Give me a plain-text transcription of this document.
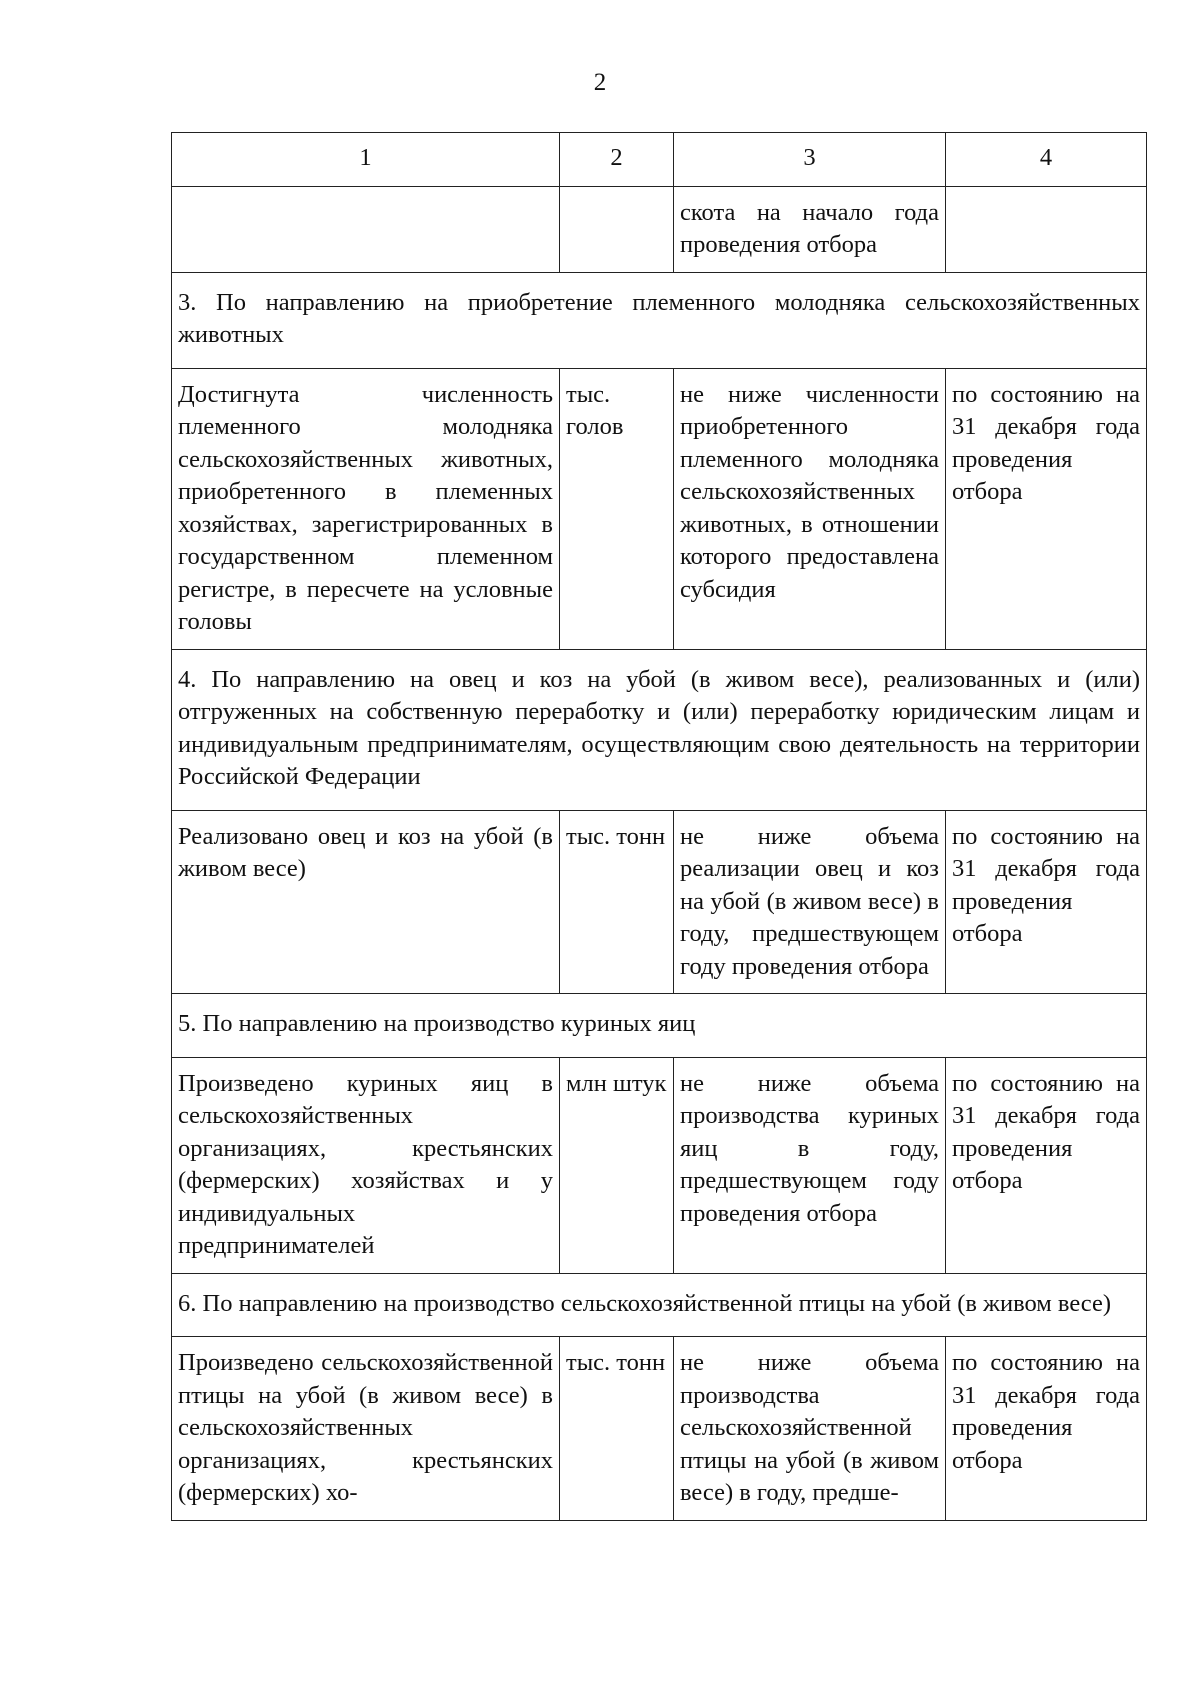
2
1	2	3	4
		скота на начало года проведения отбора	
3. По направлению на приобретение племенного молодняка сельскохозяйственных животных			
Достигнута численность племенного молодняка сельскохозяйственных животных, приобретенного в племенных хозяйствах, зарегистрированных в государственном племенном регистре, в пересчете на условные головы	тыс. голов	не ниже численности приобретенного племенного молодняка сельскохозяйственных животных, в отношении которого предоставлена субсидия	по состоянию на 31 декабря года проведения отбора
4. По направлению на овец и коз на убой (в живом весе), реализованных и (или) отгруженных на собственную переработку и (или) переработку юридическим лицам и индивидуальным предпринимателям, осуществляющим свою деятельность на территории Российской Федерации			
Реализовано овец и коз на убой (в живом весе)	тыс. тонн	не ниже объема реализации овец и коз на убой (в живом весе) в году, предшествующем году проведения отбора	по состоянию на 31 декабря года проведения отбора
5. По направлению на производство куриных яиц			
Произведено куриных яиц в сельскохозяйственных организациях, крестьянских (фермерских) хозяйствах и у индивидуальных предпринимателей	млн штук	не ниже объема производства куриных яиц в году, предшествующем году проведения отбора	по состоянию на 31 декабря года проведения отбора
6. По направлению на производство сельскохозяйственной птицы на убой (в живом весе)			
Произведено сельскохозяйственной птицы на убой (в живом весе) в сельскохозяйственных организациях, крестьянских (фермерских) хо-	тыс. тонн	не ниже объема производства сельскохозяйственной птицы на убой (в живом весе) в году, предше-	по состоянию на 31 декабря года проведения отбора
